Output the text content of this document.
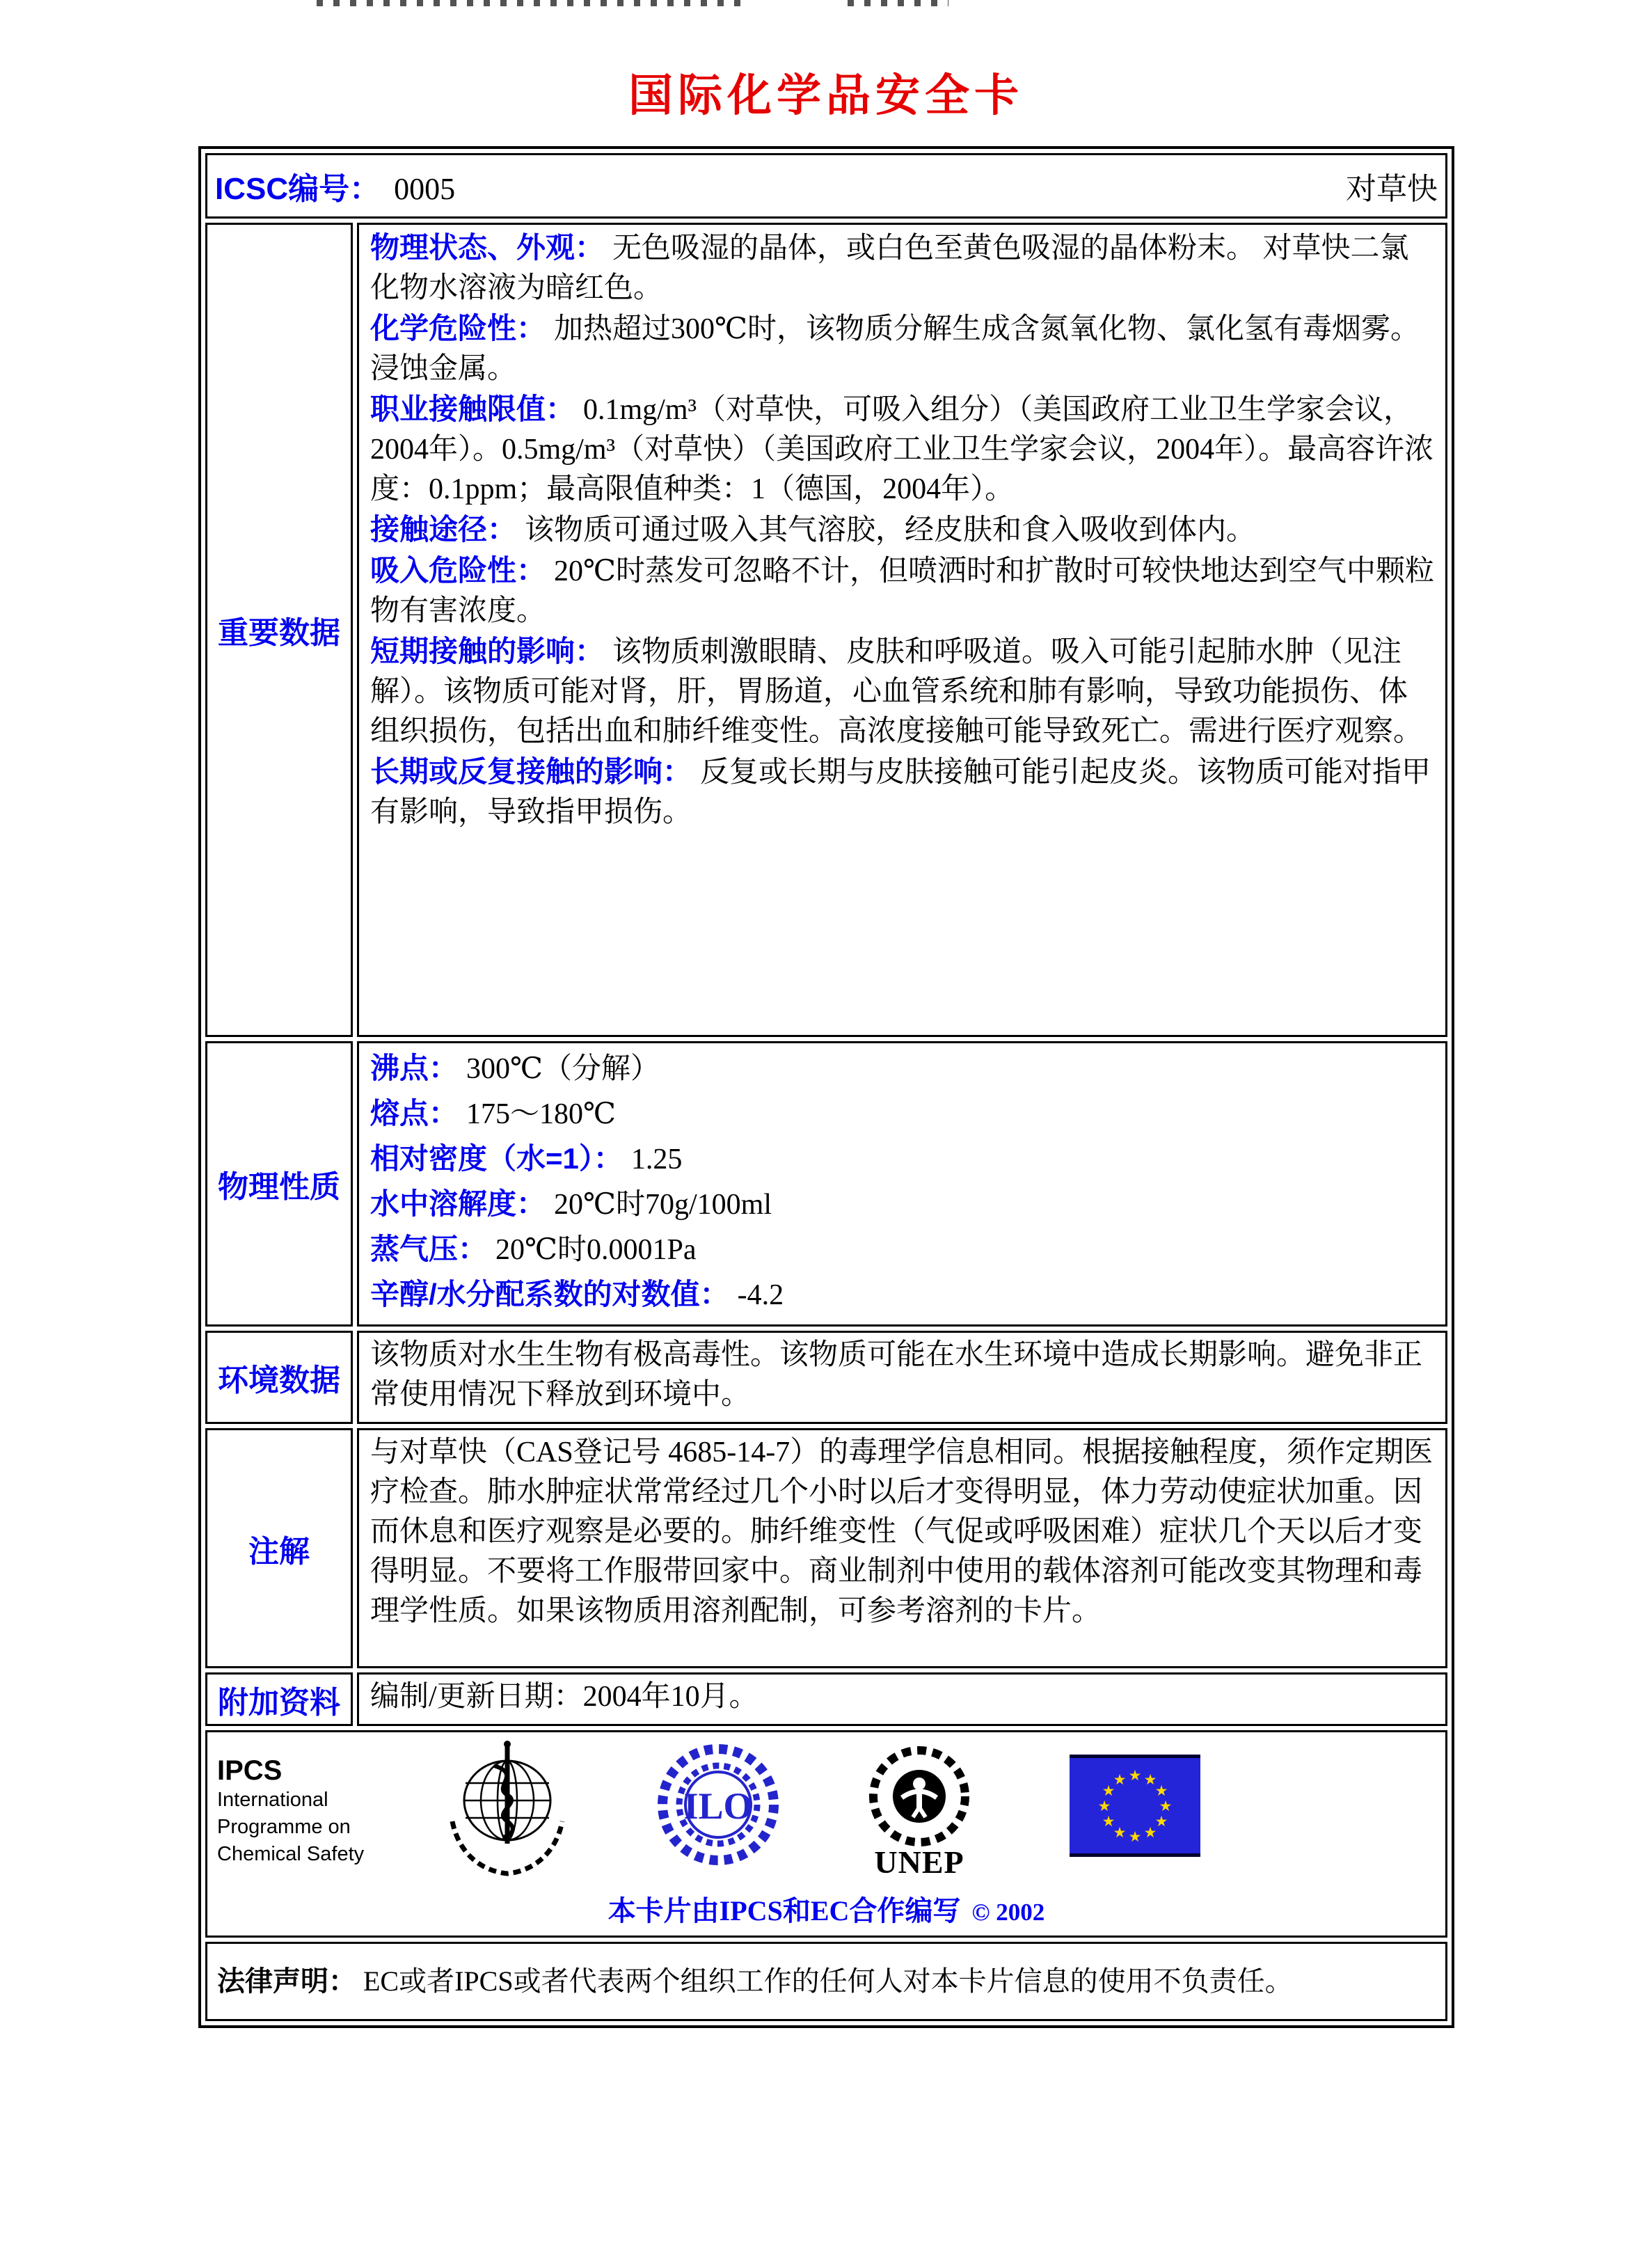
国际化学品安全卡
ICSC编号： 0005 对草快	

重要数据	

物理状态、外观： 无色吸湿的晶体，或白色至黄色吸湿的晶体粉末。 对草快二氯化物水溶液为暗红色。

化学危险性： 加热超过300℃时，该物质分解生成含氮氧化物、氯化氢有毒烟雾。浸蚀金属。

职业接触限值： 0.1mg/m³（对草快，可吸入组分）（美国政府工业卫生学家会议，2004年）。0.5mg/m³（对草快）（美国政府工业卫生学家会议，2004年）。最高容许浓度：0.1ppm；最高限值种类：1（德国，2004年）。

接触途径： 该物质可通过吸入其气溶胶，经皮肤和食入吸收到体内。

吸入危险性： 20℃时蒸发可忽略不计，但喷洒时和扩散时可较快地达到空气中颗粒物有害浓度。

短期接触的影响： 该物质刺激眼睛、皮肤和呼吸道。吸入可能引起肺水肿（见注解）。该物质可能对肾，肝，胃肠道，心血管系统和肺有影响，导致功能损伤、体组织损伤，包括出血和肺纤维变性。高浓度接触可能导致死亡。需进行医疗观察。

长期或反复接触的影响： 反复或长期与皮肤接触可能引起皮炎。该物质可能对指甲有影响，导致指甲损伤。

物理性质	

沸点： 300℃（分解）

熔点： 175～180℃

相对密度（水=1）： 1.25

水中溶解度： 20℃时70g/100ml

蒸气压： 20℃时0.0001Pa

辛醇/水分配系数的对数值： -4.2

环境数据	该物质对水生生物有极高毒性。该物质可能在水生环境中造成长期影响。避免非正常使用情况下释放到环境中。
注解	与对草快（CAS登记号 4685-14-7）的毒理学信息相同。根据接触程度，须作定期医疗检查。肺水肿症状常常经过几个小时以后才变得明显，体力劳动使症状加重。因而休息和医疗观察是必要的。肺纤维变性（气促或呼吸困难）症状几个天以后才变得明显。不要将工作服带回家中。商业制剂中使用的载体溶剂可能改变其物理和毒理学性质。如果该物质用溶剂配制，可参考溶剂的卡片。
附加资料	编制/更新日期：2004年10月。

IPCS
International
Programme on
Chemical Safety
ILO
UNEP
★ ★
★
★
★
★
★
★
★
★
★
★
本卡片由IPCS和EC合作编写 © 2002

法律声明： EC或者IPCS或者代表两个组织工作的任何人对本卡片信息的使用不负责任。	
